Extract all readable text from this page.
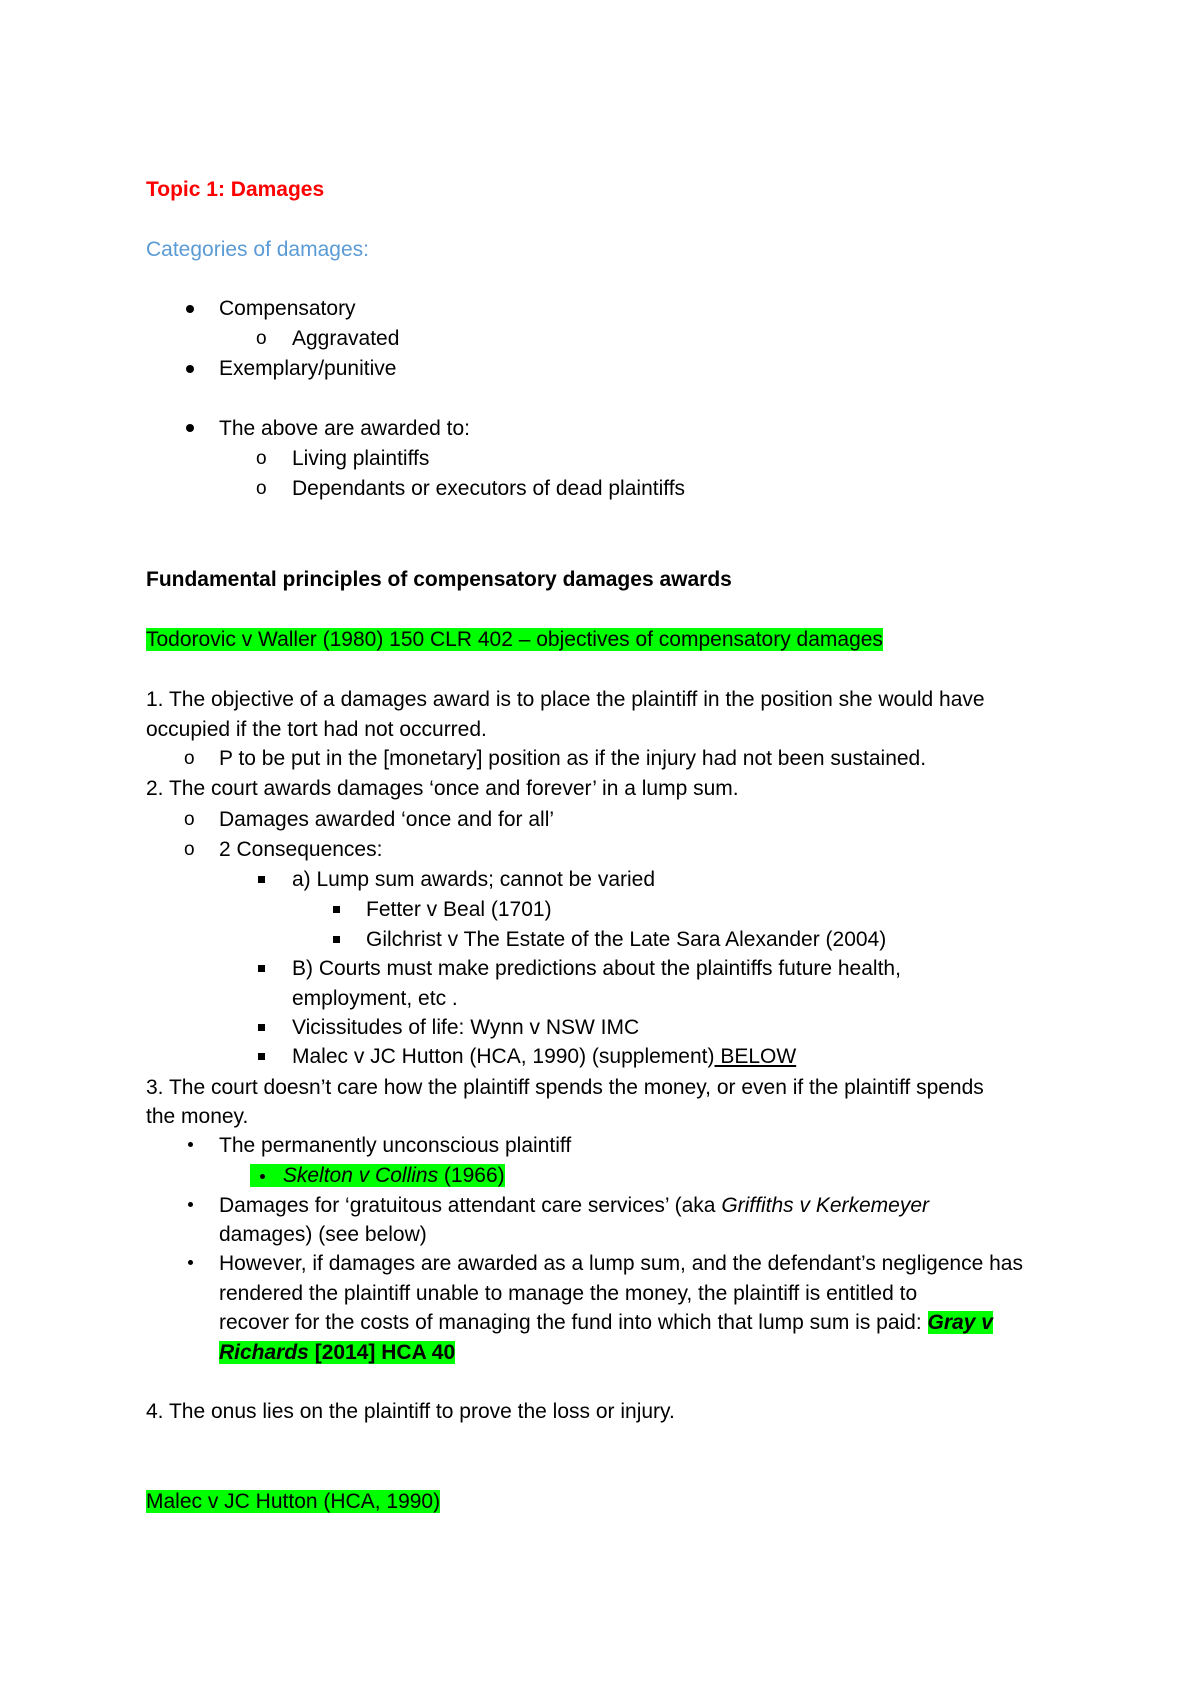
Topic 1: Damages
Categories of damages:
Compensatory
o Aggravated
Exemplary/punitive
The above are awarded to:
o Living plaintiffs
o Dependants or executors of dead plaintiffs
Fundamental principles of compensatory damages awards
Todorovic v Waller (1980) 150 CLR 402 – objectives of compensatory damages
1. The objective of a damages award is to place the plaintiff in the position she would have
occupied if the tort had not occurred.
o P to be put in the [monetary] position as if the injury had not been sustained.
2. The court awards damages ‘once and forever’ in a lump sum.
o Damages awarded ‘once and for all’
o 2 Consequences:
a) Lump sum awards; cannot be varied
Fetter v Beal (1701)
Gilchrist v The Estate of the Late Sara Alexander (2004)
B) Courts must make predictions about the plaintiffs future health,
employment, etc .
Vicissitudes of life: Wynn v NSW IMC
Malec v JC Hutton (HCA, 1990) (supplement) BELOW
3. The court doesn’t care how the plaintiff spends the money, or even if the plaintiff spends
the money.
The permanently unconscious plaintiff
Skelton v Collins (1966)
Damages for ‘gratuitous attendant care services’ (aka Griffiths v Kerkemeyer
damages) (see below)
However, if damages are awarded as a lump sum, and the defendant’s negligence has
rendered the plaintiff unable to manage the money, the plaintiff is entitled to
recover for the costs of managing the fund into which that lump sum is paid: Gray v
Richards [2014] HCA 40
4. The onus lies on the plaintiff to prove the loss or injury.
Malec v JC Hutton (HCA, 1990)
